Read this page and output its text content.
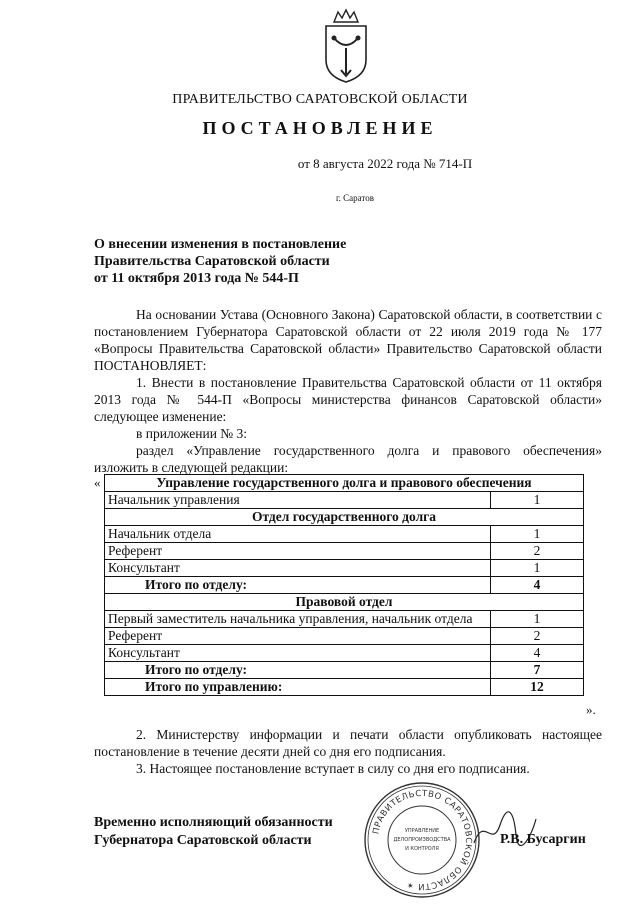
ПРАВИТЕЛЬСТВО САРАТОВСКОЙ ОБЛАСТИ
ПОСТАНОВЛЕНИЕ
от 8 августа 2022 года № 714-П
г. Саратов
О внесении изменения в постановление
Правительства Саратовской области
от 11 октября 2013 года № 544-П

На основании Устава (Основного Закона) Саратовской области, в соответствии с постановлением Губернатора Саратовской области от 22 июля 2019 года № 177 «Вопросы Правительства Саратовской области» Правительство Саратовской области ПОСТАНОВЛЯЕТ:

1. Внести в постановление Правительства Саратовской области от 11 октября 2013 года № 544-П «Вопросы министерства финансов Саратовской области» следующее изменение:

в приложении № 3:

раздел «Управление государственного долга и правового обеспечения» изложить в следующей редакции:

«	Управление государственного долга и правового обеспечения	
Начальник управления	1
Отдел государственного долга	
Начальник отдела	1
Референт	2
Консультант	1
Итого по отделу:	4
Правовой отдел	
Первый заместитель начальника управления, начальник отдела	1
Референт	2
Консультант	4
Итого по отделу:	7
Итого по управлению:	12
».

2. Министерству информации и печати области опубликовать настоящее постановление в течение десяти дней со дня его подписания.

3. Настоящее постановление вступает в силу со дня его подписания.

Временно исполняющий обязанности
Губернатора Саратовской области
ПРАВИТЕЛЬСТВО САРАТОВСКОЙ ОБЛАСТИ ✶
УПРАВЛЕНИЕ
ДЕЛОПРОИЗВОДСТВА
И КОНТРОЛЯ
Р.В. Бусаргин
